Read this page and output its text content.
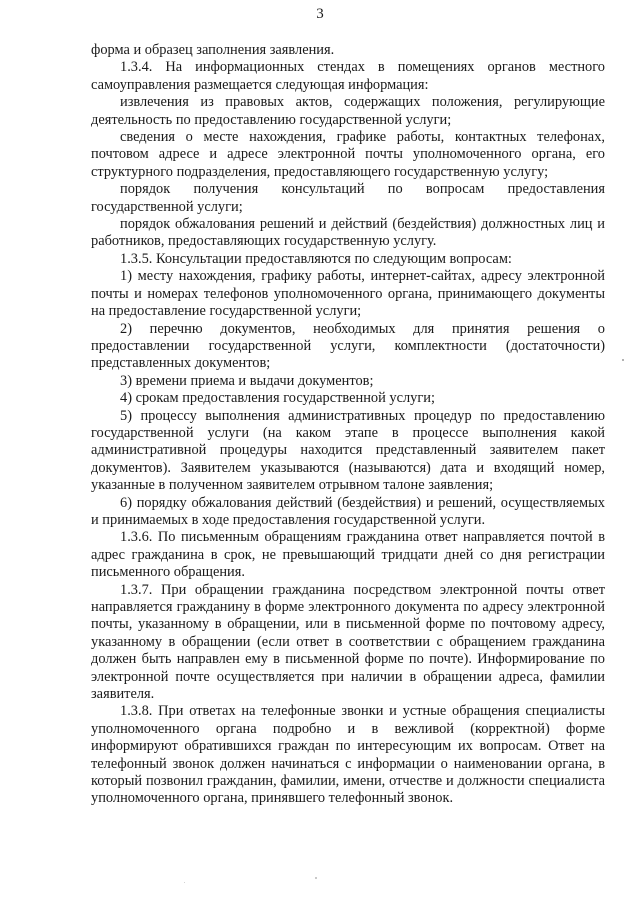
3

форма и образец заполнения заявления.

1.3.4. На информационных стендах в помещениях органов местного самоуправления размещается следующая информация:

извлечения из правовых актов, содержащих положения, регулирующие деятельность по предоставлению государственной услуги;

сведения о месте нахождения, графике работы, контактных телефонах, почтовом адресе и адресе электронной почты уполномоченного органа, его структурного подразделения, предоставляющего государственную услугу;

порядок получения консультаций по вопросам предоставления государственной услуги;

порядок обжалования решений и действий (бездействия) должностных лиц и работников, предоставляющих государственную услугу.

1.3.5. Консультации предоставляются по следующим вопросам:

1) месту нахождения, графику работы, интернет-сайтах, адресу электронной почты и номерах телефонов уполномоченного органа, принимающего документы на предоставление государственной услуги;

2) перечню документов, необходимых для принятия решения о предоставлении государственной услуги, комплектности (достаточности) представленных документов;

3) времени приема и выдачи документов;

4) срокам предоставления государственной услуги;

5) процессу выполнения административных процедур по предоставлению государственной услуги (на каком этапе в процессе выполнения какой административной процедуры находится представленный заявителем пакет документов). Заявителем указываются (называются) дата и входящий номер, указанные в полученном заявителем отрывном талоне заявления;

6) порядку обжалования действий (бездействия) и решений, осуществляемых и принимаемых в ходе предоставления государственной услуги.

1.3.6. По письменным обращениям гражданина ответ направляется почтой в адрес гражданина в срок, не превышающий тридцати дней со дня регистрации письменного обращения.

1.3.7. При обращении гражданина посредством электронной почты ответ направляется гражданину в форме электронного документа по адресу электронной почты, указанному в обращении, или в письменной форме по почтовому адресу, указанному в обращении (если ответ в соответствии с обращением гражданина должен быть направлен ему в письменной форме по почте). Информирование по электронной почте осуществляется при наличии в обращении адреса, фамилии заявителя.

1.3.8. При ответах на телефонные звонки и устные обращения специалисты уполномоченного органа подробно и в вежливой (корректной) форме информируют обратившихся граждан по интересующим их вопросам. Ответ на телефонный звонок должен начинаться с информации о наименовании органа, в который позвонил гражданин, фамилии, имени, отчестве и должности специалиста уполномоченного органа, принявшего телефонный звонок.
